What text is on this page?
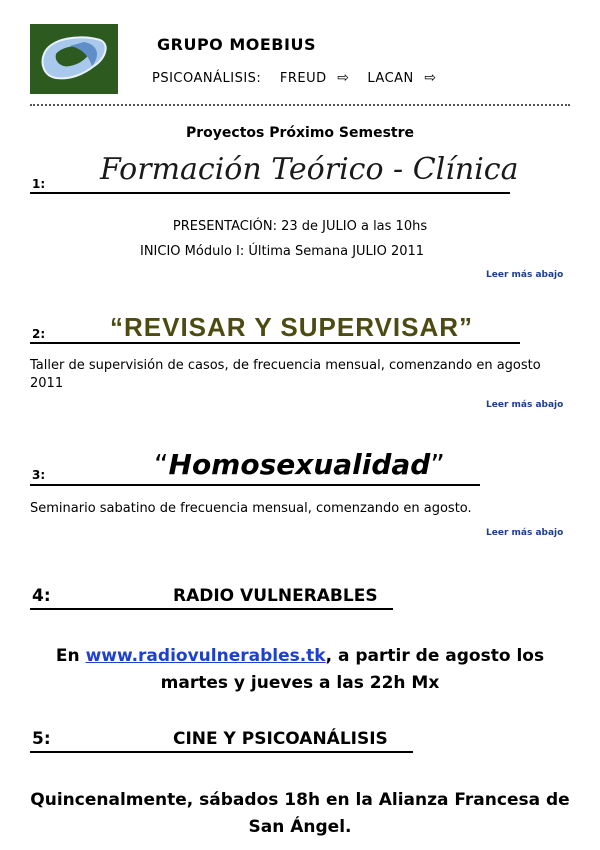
GRUPO MOEBIUS
PSICOANÁLISIS: FREUD ⇨ LACAN ⇨
Proyectos Próximo Semestre
1: Formación Teórico - Clínica
PRESENTACIÓN: 23 de JULIO a las 10hs
INICIO Módulo I: Última Semana JULIO 2011
Leer más abajo
2: “REVISAR Y SUPERVISAR”
Taller de supervisión de casos, de frecuencia mensual, comenzando en agosto 2011
Leer más abajo
3:	“Homosexualidad”
Seminario sabatino de frecuencia mensual, comenzando en agosto.
Leer más abajo
4:	RADIO VULNERABLES
En www.radiovulnerables.tk, a partir de agosto los martes y jueves a las 22h Mx
5:	CINE Y PSICOANÁLISIS
Quincenalmente, sábados 18h en la Alianza Francesa de San Ángel.
